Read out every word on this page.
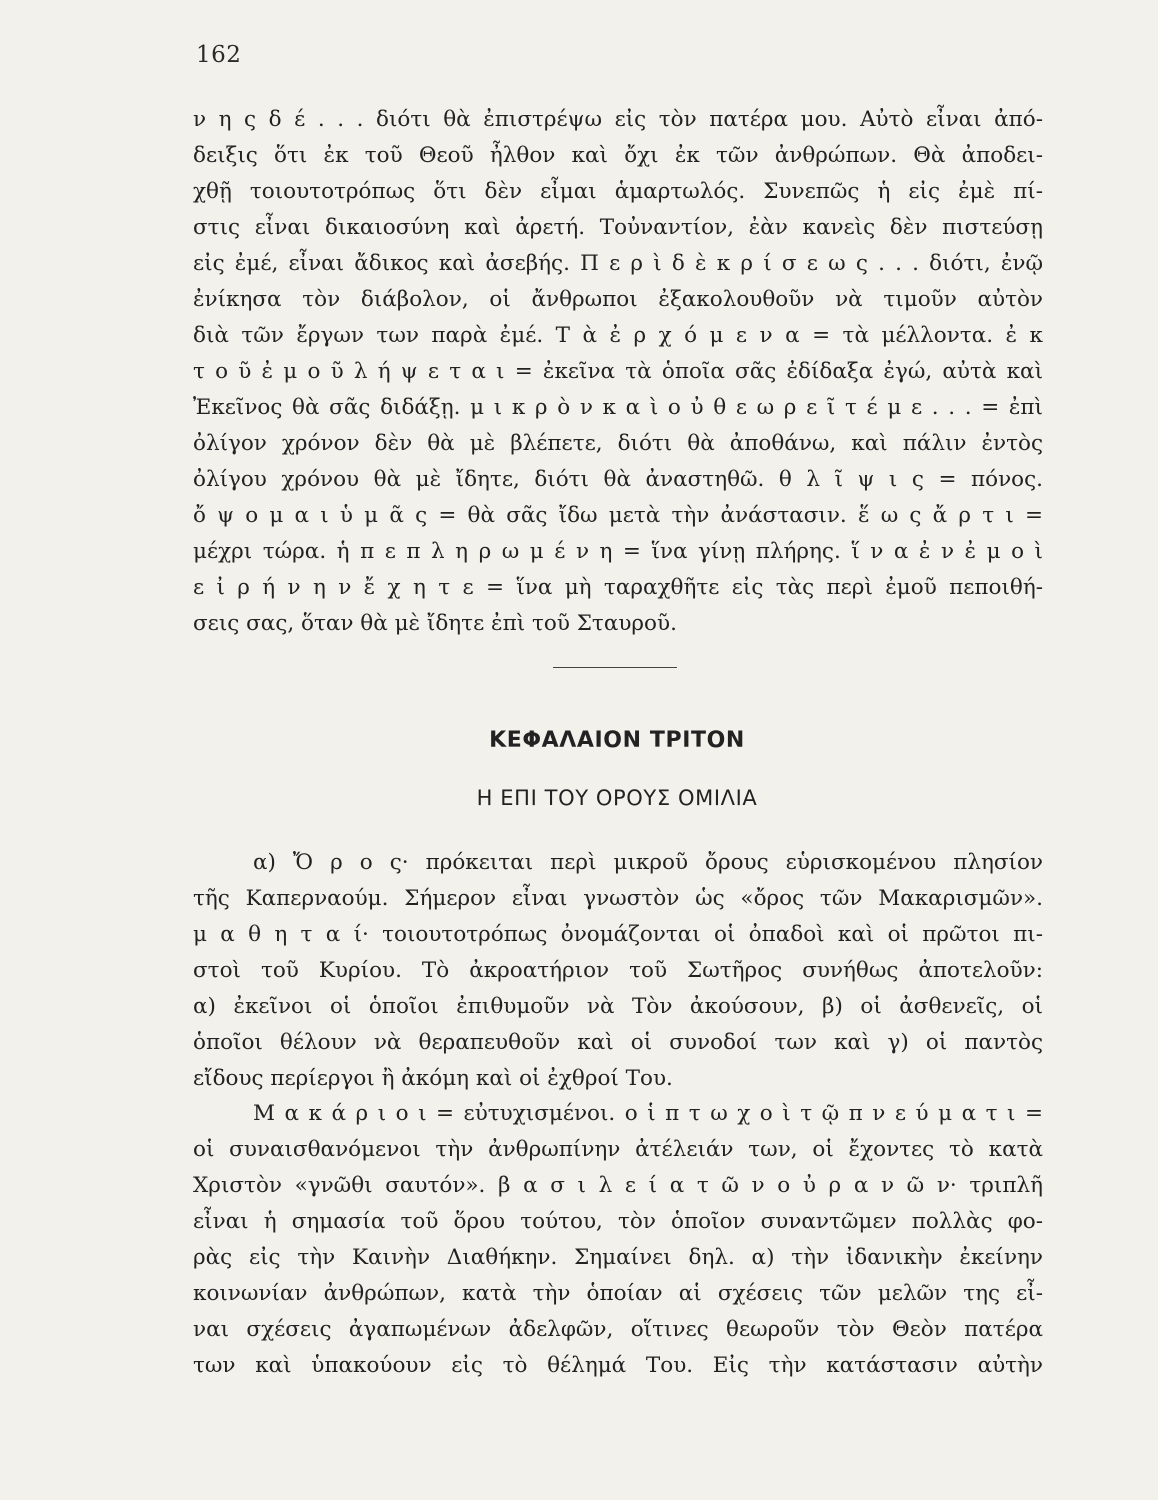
162
ν η ς δ έ . . . διότι θὰ ἐπιστρέψω εἰς τὸν πατέρα μου. Αὐτὸ εἶναι ἀπό-
δειξις ὅτι ἐκ τοῦ Θεοῦ ἦλθον καὶ ὄχι ἐκ τῶν ἀνθρώπων. Θὰ ἀποδει-
χθῇ τοιουτοτρόπως ὅτι δὲν εἶμαι ἁμαρτωλός. Συνεπῶς ἡ εἰς ἐμὲ πί-
στις εἶναι δικαιοσύνη καὶ ἀρετή. Τοὐναντίον, ἐὰν κανεὶς δὲν πιστεύσῃ
εἰς ἐμέ, εἶναι ἄδικος καὶ ἀσεβής. Π ε ρ ὶ δ ὲ κ ρ ί σ ε ω ς . . . διότι, ἐνῷ
ἐνίκησα τὸν διάβολον, οἱ ἄνθρωποι ἐξακολουθοῦν νὰ τιμοῦν αὐτὸν
διὰ τῶν ἔργων των παρὰ ἐμέ. Τ ὰ ἐ ρ χ ό μ ε ν α = τὰ μέλλοντα. ἐ κ
τ ο ῦ ἐ μ ο ῦ λ ή ψ ε τ α ι = ἐκεῖνα τὰ ὁποῖα σᾶς ἐδίδαξα ἐγώ, αὐτὰ καὶ
Ἐκεῖνος θὰ σᾶς διδάξῃ. μ ι κ ρ ὸ ν κ α ὶ ο ὐ θ ε ω ρ ε ῖ τ έ μ ε . . . = ἐπὶ
ὀλίγον χρόνον δὲν θὰ μὲ βλέπετε, διότι θὰ ἀποθάνω, καὶ πάλιν ἐντὸς
ὀλίγου χρόνου θὰ μὲ ἴδητε, διότι θὰ ἀναστηθῶ. θ λ ῖ ψ ι ς = πόνος.
ὄ ψ ο μ α ι ὑ μ ᾶ ς = θὰ σᾶς ἴδω μετὰ τὴν ἀνάστασιν. ἕ ω ς ἄ ρ τ ι =
μέχρι τώρα. ἡ π ε π λ η ρ ω μ έ ν η = ἵνα γίνῃ πλήρης. ἵ ν α ἐ ν ἐ μ ο ὶ
ε ἰ ρ ή ν η ν ἔ χ η τ ε = ἵνα μὴ ταραχθῆτε εἰς τὰς περὶ ἐμοῦ πεποιθή-
σεις σας, ὅταν θὰ μὲ ἴδητε ἐπὶ τοῦ Σταυροῦ.
ΚΕΦΑΛΑΙΟΝ ΤΡΙΤΟΝ
Η ΕΠΙ ΤΟΥ ΟΡΟΥΣ ΟΜΙΛΙΑ
α) Ὄ ρ ο ς· πρόκειται περὶ μικροῦ ὄρους εὑρισκομένου πλησίον
τῆς Καπερναούμ. Σήμερον εἶναι γνωστὸν ὡς «ὄρος τῶν Μακαρισμῶν».
μ α θ η τ α ί· τοιουτοτρόπως ὀνομάζονται οἱ ὀπαδοὶ καὶ οἱ πρῶτοι πι-
στοὶ τοῦ Κυρίου. Τὸ ἀκροατήριον τοῦ Σωτῆρος συνήθως ἀποτελοῦν:
α) ἐκεῖνοι οἱ ὁποῖοι ἐπιθυμοῦν νὰ Τὸν ἀκούσουν, β) οἱ ἀσθενεῖς, οἱ
ὁποῖοι θέλουν νὰ θεραπευθοῦν καὶ οἱ συνοδοί των καὶ γ) οἱ παντὸς
εἴδους περίεργοι ἢ ἀκόμη καὶ οἱ ἐχθροί Του.
Μ α κ ά ρ ι ο ι = εὐτυχισμένοι. ο ἱ π τ ω χ ο ὶ τ ῷ π ν ε ύ μ α τ ι =
οἱ συναισθανόμενοι τὴν ἀνθρωπίνην ἀτέλειάν των, οἱ ἔχοντες τὸ κατὰ
Χριστὸν «γνῶθι σαυτόν». β α σ ι λ ε ί α τ ῶ ν ο ὐ ρ α ν ῶ ν· τριπλῆ
εἶναι ἡ σημασία τοῦ ὅρου τούτου, τὸν ὁποῖον συναντῶμεν πολλὰς φο-
ρὰς εἰς τὴν Καινὴν Διαθήκην. Σημαίνει δηλ. α) τὴν ἰδανικὴν ἐκείνην
κοινωνίαν ἀνθρώπων, κατὰ τὴν ὁποίαν αἱ σχέσεις τῶν μελῶν της εἶ-
ναι σχέσεις ἀγαπωμένων ἀδελφῶν, οἵτινες θεωροῦν τὸν Θεὸν πατέρα
των καὶ ὑπακούουν εἰς τὸ θέλημά Του. Εἰς τὴν κατάστασιν αὐτὴν
